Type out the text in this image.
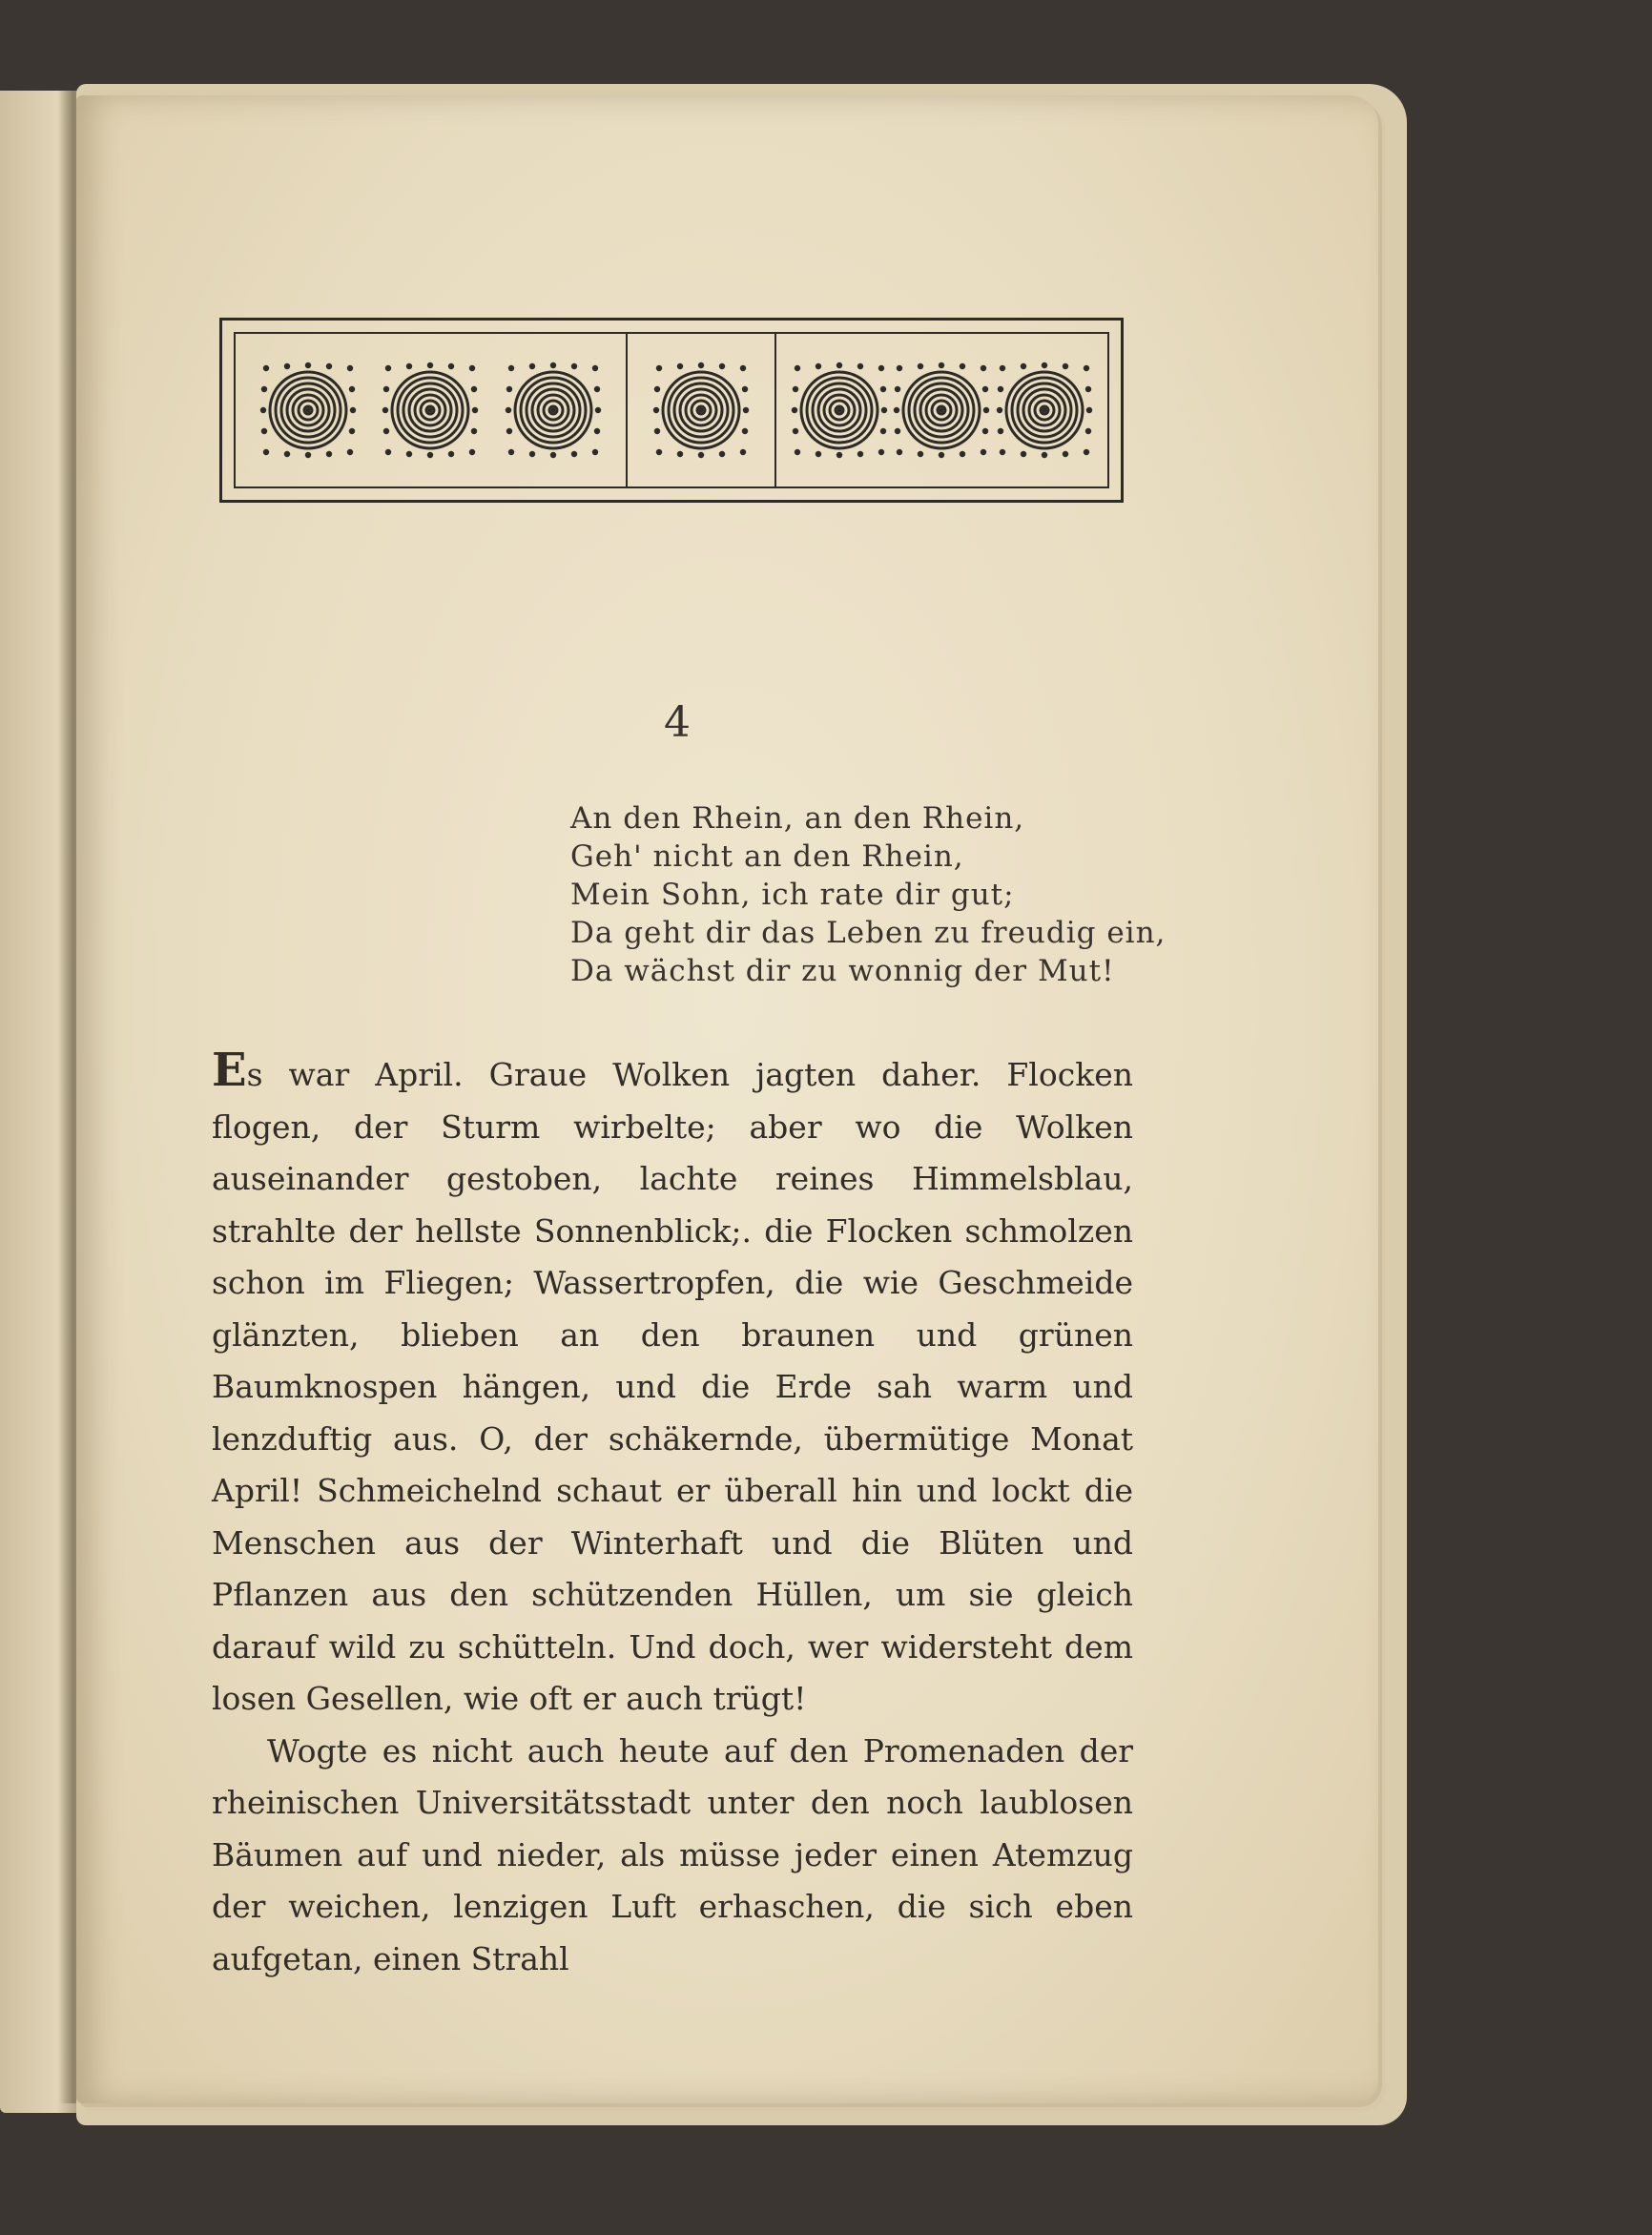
4
An den Rhein, an den Rhein,
Geh' nicht an den Rhein,
Mein Sohn, ich rate dir gut;
Da geht dir das Leben zu freudig ein,
Da wächst dir zu wonnig der Mut!

Es war April. Graue Wolken jagten daher. Flocken flogen, der Sturm wirbelte; aber wo die Wolken auseinander gestoben, lachte reines Himmelsblau, strahlte der hellste Sonnenblick;. die Flocken schmolzen schon im Fliegen; Wassertropfen, die wie Geschmeide glänzten, blieben an den braunen und grünen Baumknospen hängen, und die Erde sah warm und lenzduftig aus. O, der schäkernde, übermütige Monat April! Schmeichelnd schaut er überall hin und lockt die Menschen aus der Winterhaft und die Blüten und Pflanzen aus den schützenden Hüllen, um sie gleich darauf wild zu schütteln. Und doch, wer widersteht dem losen Gesellen, wie oft er auch trügt!

Wogte es nicht auch heute auf den Promenaden der rheinischen Universitätsstadt unter den noch laublosen Bäumen auf und nieder, als müsse jeder einen Atemzug der weichen, lenzigen Luft erhaschen, die sich eben aufgetan, einen Strahl
